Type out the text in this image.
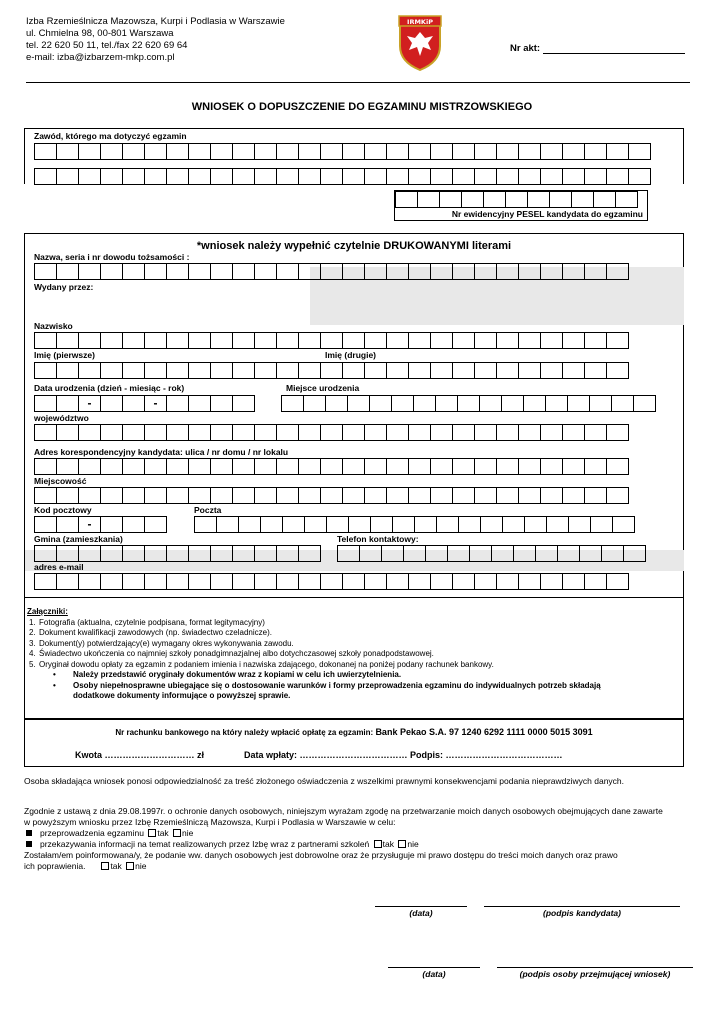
Izba Rzemieślnicza Mazowsza, Kurpi i Podlasia w Warszawie
ul. Chmielna 98, 00-801 Warszawa
tel. 22 620 50 11, tel./fax 22 620 69 64
e-mail: izba@izbarzem-mkp.com.pl
IRMKiP
Nr akt:
WNIOSEK O DOPUSZCZENIE DO EGZAMINU MISTRZOWSKIEGO
Zawód, którego ma dotyczyć egzamin
Nr ewidencyjny PESEL kandydata do egzaminu
*wniosek należy wypełnić czytelnie DRUKOWANYMI literami
Nazwa, seria i nr dowodu tożsamości :
Wydany przez:
Nazwisko
Imię (pierwsze)	Imię (drugie)
Data urodzenia (dzień - miesiąc - rok)	Miejsce urodzenia
-	-
województwo
Adres korespondencyjny kandydata: ulica / nr domu / nr lokalu
Miejscowość
Kod pocztowy	Poczta
-
Gmina (zamieszkania)	Telefon kontaktowy:
adres e-mail
Załączniki:
1. Fotografia (aktualna, czytelnie podpisana, format legitymacyjny)
2. Dokument kwalifikacji zawodowych (np. świadectwo czeladnicze).
3. Dokument(y) potwierdzający(e) wymagany okres wykonywania zawodu.
4. Świadectwo ukończenia co najmniej szkoły ponadgimnazjalnej albo dotychczasowej szkoły ponadpodstawowej.
5. Oryginał dowodu opłaty za egzamin z podaniem imienia i nazwiska zdającego, dokonanej na poniżej podany rachunek bankowy.
• Należy przedstawić oryginały dokumentów wraz z kopiami w celu ich uwierzytelnienia.
• Osoby niepełnosprawne ubiegające się o dostosowanie warunków i formy przeprowadzenia egzaminu do indywidualnych potrzeb składają
dodatkowe dokumenty informujące o powyższej sprawie.
Nr rachunku bankowego na który należy wpłacić opłatę za egzamin: Bank Pekao S.A. 97 1240 6292 1111 0000 5015 3091
Kwota ………………………… zł	Data wpłaty: ……………………………… Podpis: …………………………………
Osoba składająca wniosek ponosi odpowiedzialność za treść złożonego oświadczenia z wszelkimi prawnymi konsekwencjami podania nieprawdziwych danych.
Zgodnie z ustawą z dnia 29.08.1997r. o ochronie danych osobowych, niniejszym wyrażam zgodę na przetwarzanie moich danych osobowych obejmujących dane zawarte
w powyższym wniosku przez Izbę Rzemieślniczą Mazowsza, Kurpi i Podlasia w Warszawie w celu:
przeprowadzenia egzaminu tak nie
przekazywania informacji na temat realizowanych przez Izbę wraz z partnerami szkoleń tak nie
Zostałam/em poinformowana/y, że podanie ww. danych osobowych jest dobrowolne oraz że przysługuje mi prawo dostępu do treści moich danych oraz prawo
ich poprawienia.	tak nie
(data)	(podpis kandydata)
(data)	(podpis osoby przejmującej wniosek)
